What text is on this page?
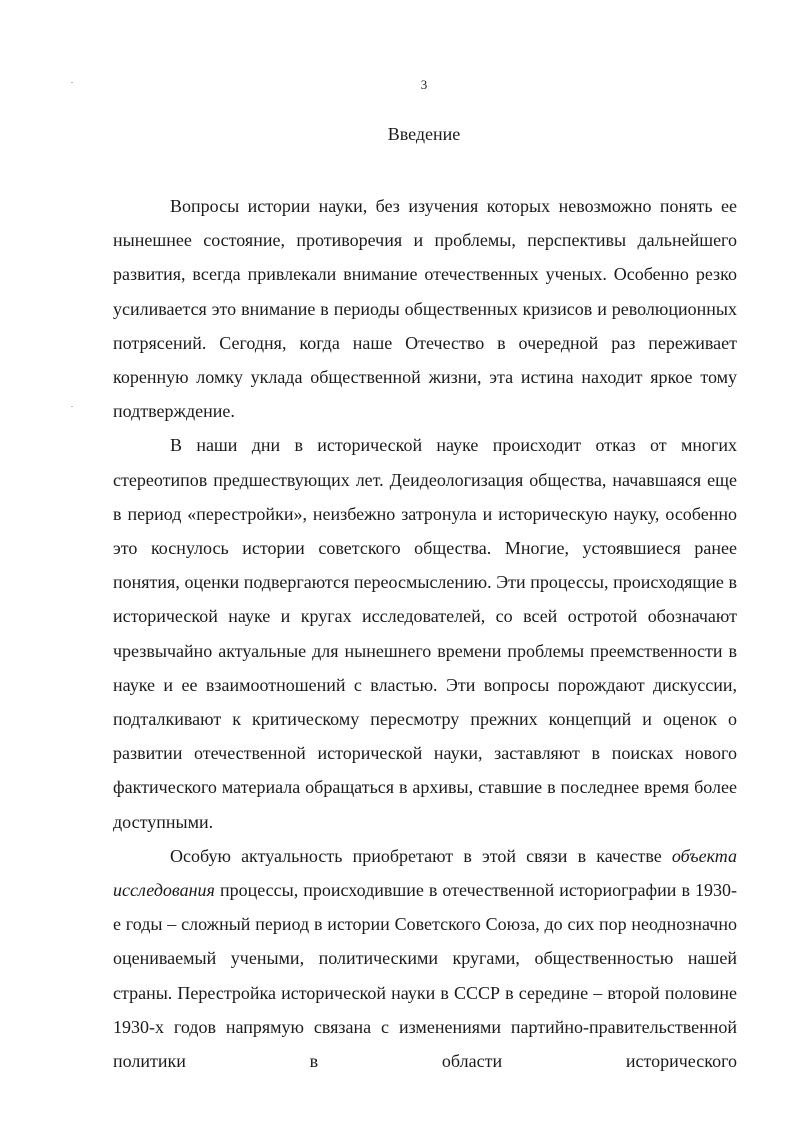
3
Введение

Вопросы истории науки, без изучения которых невозможно понять ее нынешнее состояние, противоречия и проблемы, перспективы дальнейшего развития, всегда привлекали внимание отечественных ученых. Особенно резко усиливается это внимание в периоды общественных кризисов и революционных потрясений. Сегодня, когда наше Отечество в очередной раз переживает коренную ломку уклада общественной жизни, эта истина находит яркое тому подтверждение.

В наши дни в исторической науке происходит отказ от многих стереотипов предшествующих лет. Деидеологизация общества, начавшаяся еще в период «перестройки», неизбежно затронула и историческую науку, особенно это коснулось истории советского общества. Многие, устоявшиеся ранее понятия, оценки подвергаются переосмыслению. Эти процессы, происходящие в исторической науке и кругах исследователей, со всей остротой обозначают чрезвычайно актуальные для нынешнего времени проблемы преемственности в науке и ее взаимоотношений с властью. Эти вопросы порождают дискуссии, подталкивают к критическому пересмотру прежних концепций и оценок о развитии отечественной исторической науки, заставляют в поисках нового фактического материала обращаться в архивы, ставшие в последнее время более доступными.

Особую актуальность приобретают в этой связи в качестве объекта исследования процессы, происходившие в отечественной историографии в 1930-е годы – сложный период в истории Советского Союза, до сих пор неоднозначно оцениваемый учеными, политическими кругами, общественностью нашей страны. Перестройка исторической науки в СССР в середине – второй половине 1930-х годов напрямую связана с изменениями партийно-правительственной политики в области исторического
